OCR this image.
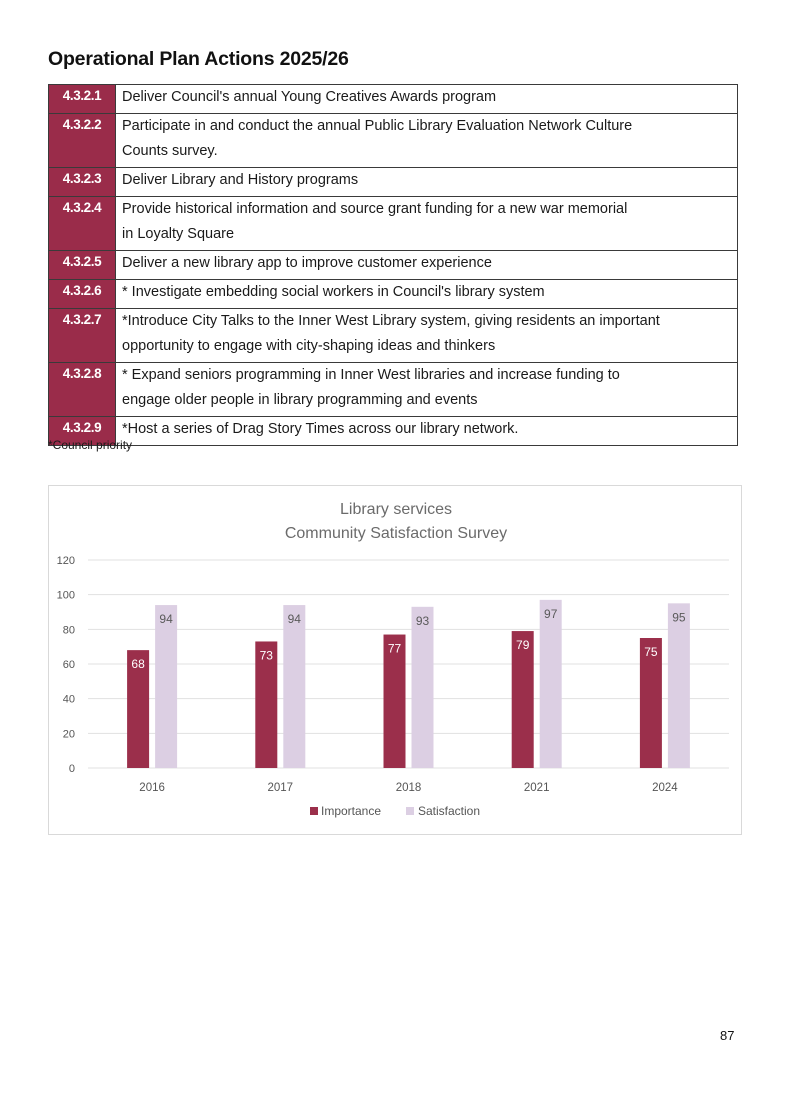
Operational Plan Actions 2025/26
4.3.2.1	Deliver Council's annual Young Creatives Awards program

4.3.2.2	Participate in and conduct the annual Public Library Evaluation Network Culture
Counts survey.

4.3.2.3	Deliver Library and History programs

4.3.2.4	Provide historical information and source grant funding for a new war memorial
in Loyalty Square

4.3.2.5	Deliver a new library app to improve customer experience

4.3.2.6	* Investigate embedding social workers in Council's library system

4.3.2.7	*Introduce City Talks to the Inner West Library system, giving residents an important
opportunity to engage with city-shaping ideas and thinkers

4.3.2.8	* Expand seniors programming in Inner West libraries and increase funding to
engage older people in library programming and events

4.3.2.9	*Host a series of Drag Story Times across our library network.
*Council priority
Library services
Community Satisfaction Survey
0
20
40
60
80
100
120
68
94
2016
73
94
2017
77
93
2018
79
97
2021
75
95
2024
Importance	Satisfaction
87
